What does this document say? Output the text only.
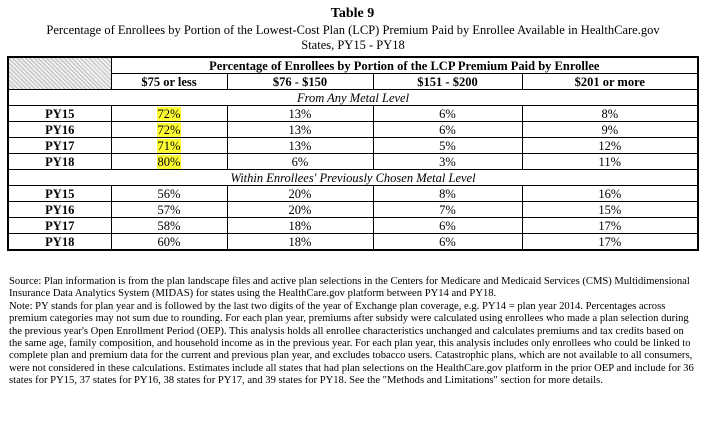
Table 9
Percentage of Enrollees by Portion of the Lowest-Cost Plan (LCP) Premium Paid by Enrollee Available in HealthCare.gov
States, PY15 - PY18
	Percentage of Enrollees by Portion of the LCP Premium Paid by Enrollee			
	$75 or less	$76 - $150	$151 - $200	$201 or more
From Any Metal Level				
PY15	72%	13%	6%	8%
PY16	72%	13%	6%	9%
PY17	71%	13%	5%	12%
PY18	80%	6%	3%	11%
Within Enrollees' Previously Chosen Metal Level				
PY15	56%	20%	8%	16%
PY16	57%	20%	7%	15%
PY17	58%	18%	6%	17%
PY18	60%	18%	6%	17%

Source: Plan information is from the plan landscape files and active plan selections in the Centers for Medicare and Medicaid Services (CMS) Multidimensional Insurance Data Analytics System (MIDAS) for states using the HealthCare.gov platform between PY14 and PY18.

Note: PY stands for plan year and is followed by the last two digits of the year of Exchange plan coverage, e.g. PY14 = plan year 2014. Percentages across premium categories may not sum due to rounding. For each plan year, premiums after subsidy were calculated using enrollees who made a plan selection during the previous year's Open Enrollment Period (OEP). This analysis holds all enrollee characteristics unchanged and calculates premiums and tax credits based on the same age, family composition, and household income as in the previous year. For each plan year, this analysis includes only enrollees who could be linked to complete plan and premium data for the current and previous plan year, and excludes tobacco users. Catastrophic plans, which are not available to all consumers, were not considered in these calculations. Estimates include all states that had plan selections on the HealthCare.gov platform in the prior OEP and include for 36 states for PY15, 37 states for PY16, 38 states for PY17, and 39 states for PY18. See the "Methods and Limitations" section for more details.
